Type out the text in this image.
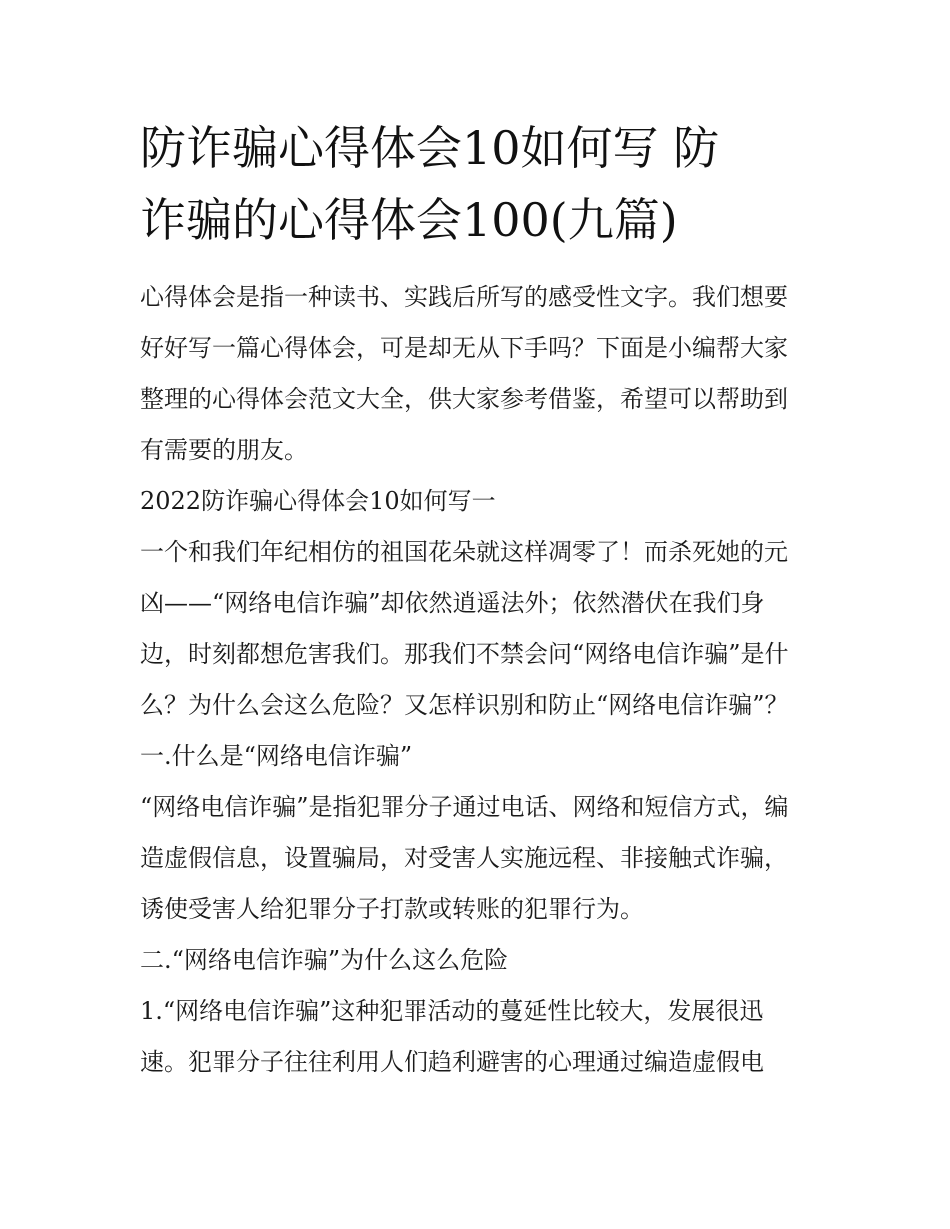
防诈骗心得体会10如何写 防
诈骗的心得体会100(九篇)
心得体会是指一种读书、实践后所写的感受性文字。我们想要
好好写一篇心得体会，可是却无从下手吗？下面是小编帮大家
整理的心得体会范文大全，供大家参考借鉴，希望可以帮助到
有需要的朋友。
2022防诈骗心得体会10如何写一
一个和我们年纪相仿的祖国花朵就这样凋零了！而杀死她的元
凶——“网络电信诈骗”却依然逍遥法外；依然潜伏在我们身
边，时刻都想危害我们。那我们不禁会问“网络电信诈骗”是什
么？为什么会这么危险？又怎样识别和防止“网络电信诈骗”？
一.什么是“网络电信诈骗”
“网络电信诈骗”是指犯罪分子通过电话、网络和短信方式，编
造虚假信息，设置骗局，对受害人实施远程、非接触式诈骗，
诱使受害人给犯罪分子打款或转账的犯罪行为。
二.“网络电信诈骗”为什么这么危险
1.“网络电信诈骗”这种犯罪活动的蔓延性比较大，发展很迅
速。犯罪分子往往利用人们趋利避害的心理通过编造虚假电
